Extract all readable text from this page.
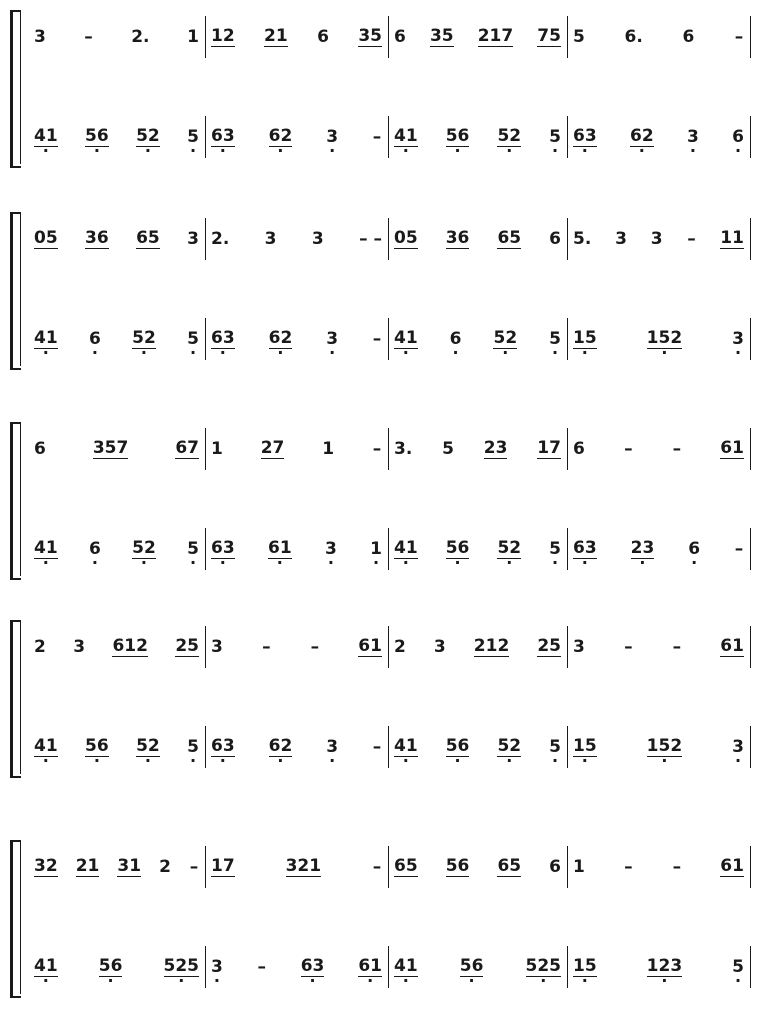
3 – 2. 1 12 21 6 35 6 35 217 75 5 6. 6 –
41 · 56 · 52 · 5 · 63 · 62 · 3 · – 41 · 56 · 52 · 5 · 63 · 62 · 3 · 6 ·
05 36 65 3 2. 3 3 – – 05 36 65 6 5. 3 3 – 11
41 · 6 · 52 · 5 · 63 · 62 · 3 · – 41 · 6 · 52 · 5 · 15 ·	152 ·	3 ·
6	357	67 1 27 1 – 3. 5 23 17 6 – – 61
41 · 6 · 52 · 5 · 63 · 61 · 3 · 1 · 41 · 56 · 52 · 5 · 63 · 23 · 6 · –
2 3 612 25 3 – – 61 2 3 212 25 3 – – 61
41 · 56 · 52 · 5 · 63 · 62 · 3 · – 41 · 56 · 52 · 5 · 15 ·	152 ·	3 ·
32 21 31 2 – 17	321	– 65 56 65 6 1 – – 61
41 · 56 · 525 · 3 · – 63 · 61 · 41 · 56 · 525 · 15 ·	123 ·	5 ·
